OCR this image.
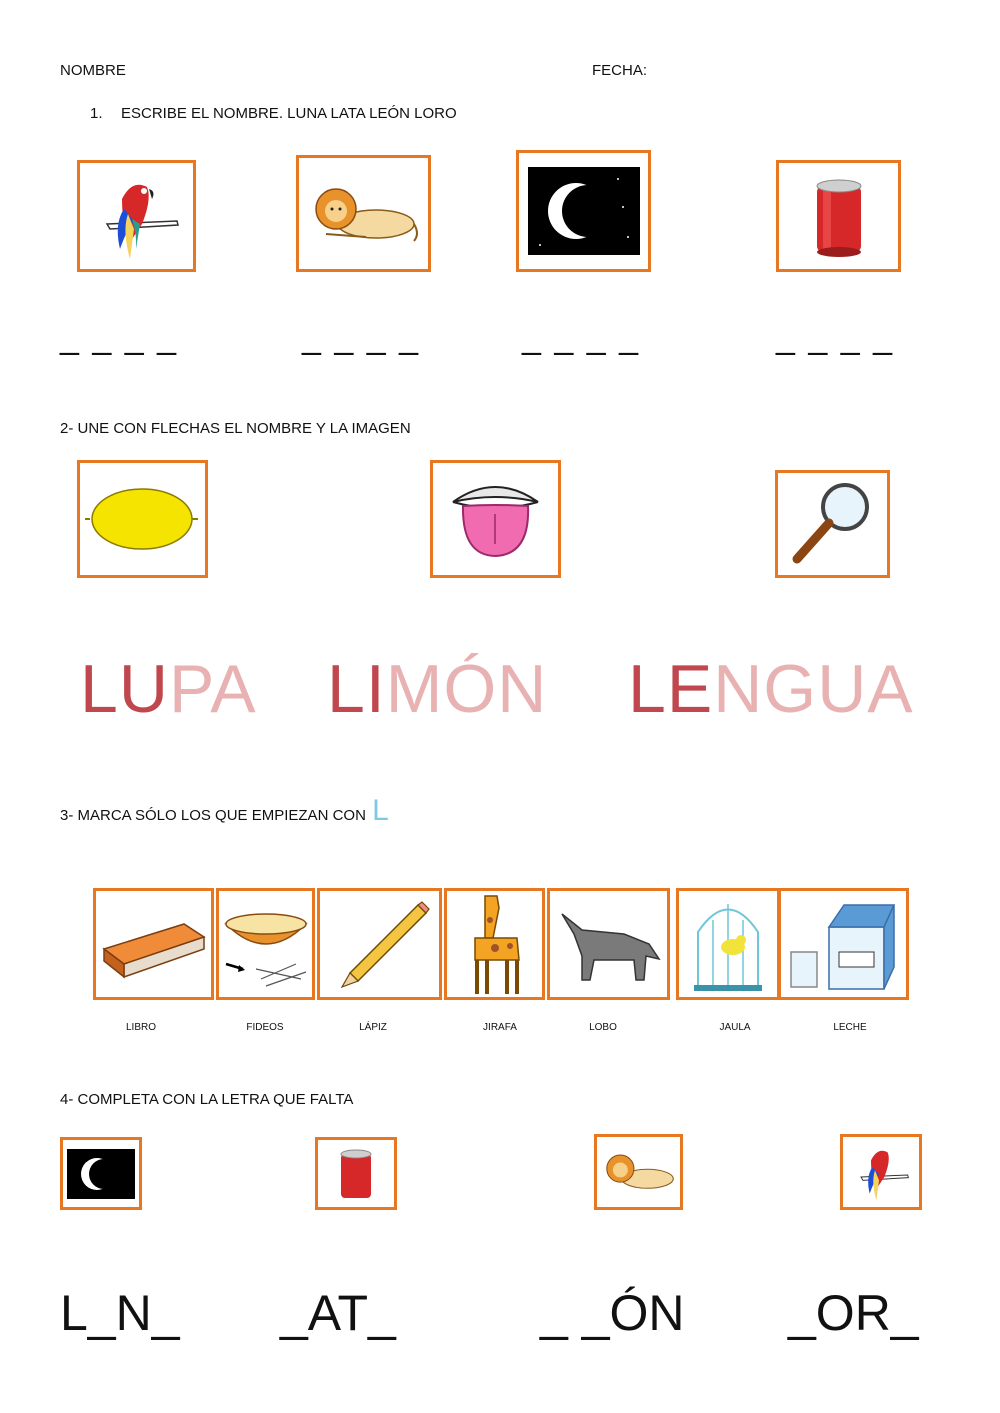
NOMBRE	FECHA:
1. ESCRIBE EL NOMBRE. LUNA LATA LEÓN LORO
_ _ _ _	_ _ _ _	_ _ _ _	_ _ _ _
2- UNE CON FLECHAS EL NOMBRE Y LA IMAGEN
LUPA LIMÓN LENGUA
3- MARCA SÓLO LOS QUE EMPIEZAN CON L
LIBRO	FIDEOS	LÁPIZ	JIRAFA	LOBO	JAULA	LECHE
4- COMPLETA CON LA LETRA QUE FALTA
L_N_ _AT_	_ _ÓN _OR_
